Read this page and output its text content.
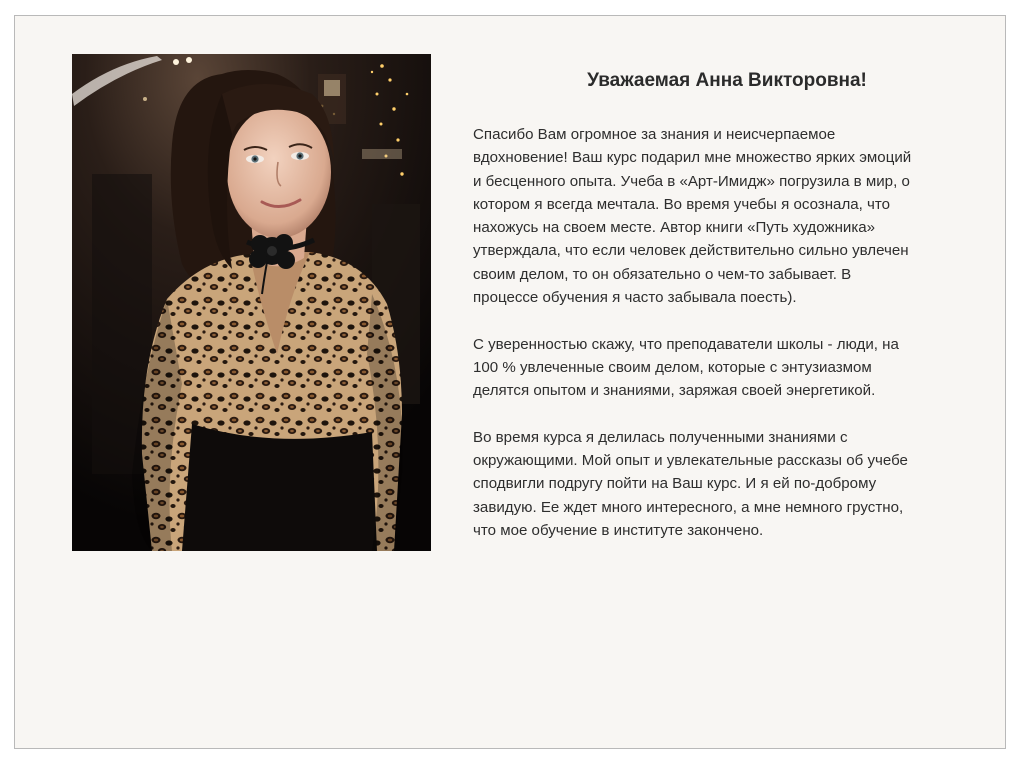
Уважаемая Анна Викторовна!

Спасибо Вам огромное за знания и неисчерпаемое
вдохновение! Ваш курс подарил мне множество ярких эмоций
и бесценного опыта. Учеба в «Арт-Имидж» погрузила в мир, о
котором я всегда мечтала. Во время учебы я осознала, что
нахожусь на своем месте. Автор книги «Путь художника»
утверждала, что если человек действительно сильно увлечен
своим делом, то он обязательно о чем-то забывает. В
процессе обучения я часто забывала поесть).

С уверенностью скажу, что преподаватели школы - люди, на
100 % увлеченные своим делом, которые с энтузиазмом
делятся опытом и знаниями, заряжая своей энергетикой.

Во время курса я делилась полученными знаниями с
окружающими. Мой опыт и увлекательные рассказы об учебе
сподвигли подругу пойти на Ваш курс. И я ей по-доброму
завидую. Ее ждет много интересного, а мне немного грустно,
что мое обучение в институте закончено.
